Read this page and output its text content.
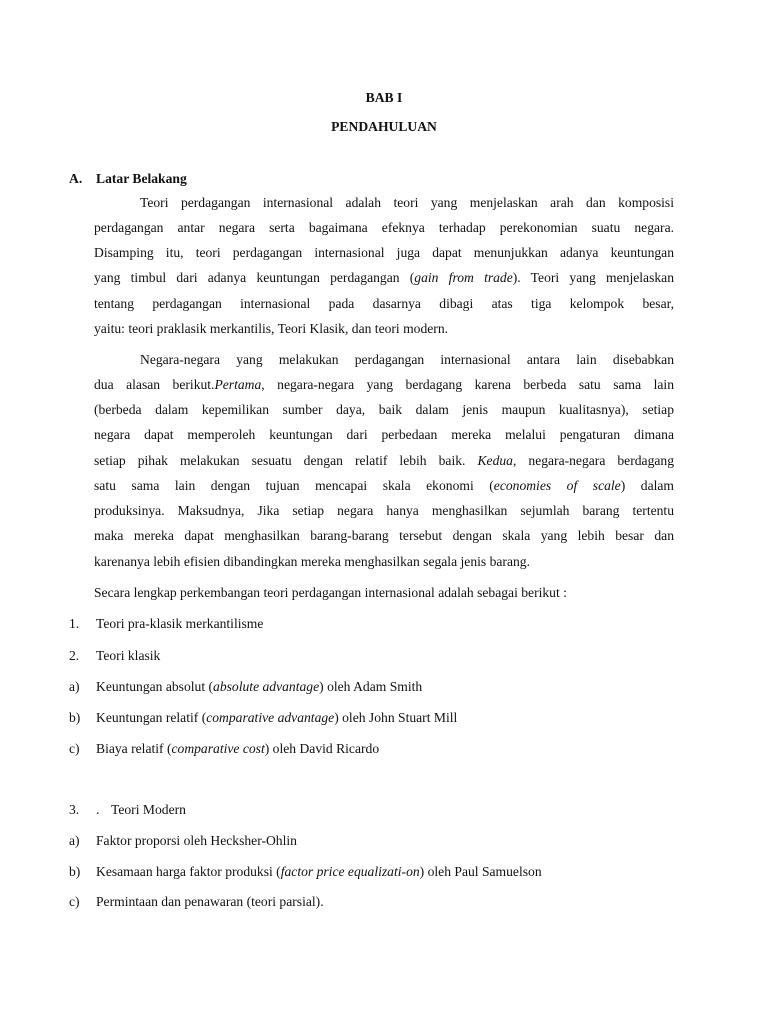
BAB I
PENDAHULUAN
A. Latar Belakang
Teori perdagangan internasional adalah teori yang menjelaskan arah dan komposisi
perdagangan antar negara serta bagaimana efeknya terhadap perekonomian suatu negara.
Disamping itu, teori perdagangan internasional juga dapat menunjukkan adanya keuntungan
yang timbul dari adanya keuntungan perdagangan (gain from trade). Teori yang menjelaskan
tentang perdagangan internasional pada dasarnya dibagi atas tiga kelompok besar,
yaitu: teori praklasik merkantilis, Teori Klasik, dan teori modern.
Negara-negara yang melakukan perdagangan internasional antara lain disebabkan
dua alasan berikut.Pertama, negara-negara yang berdagang karena berbeda satu sama lain
(berbeda dalam kepemilikan sumber daya, baik dalam jenis maupun kualitasnya), setiap
negara dapat memperoleh keuntungan dari perbedaan mereka melalui pengaturan dimana
setiap pihak melakukan sesuatu dengan relatif lebih baik. Kedua, negara-negara berdagang
satu sama lain dengan tujuan mencapai skala ekonomi (economies of scale) dalam
produksinya. Maksudnya, Jika setiap negara hanya menghasilkan sejumlah barang tertentu
maka mereka dapat menghasilkan barang-barang tersebut dengan skala yang lebih besar dan
karenanya lebih efisien dibandingkan mereka menghasilkan segala jenis barang.
Secara lengkap perkembangan teori perdagangan internasional adalah sebagai berikut :
1. Teori pra-klasik merkantilisme
2. Teori klasik
a) Keuntungan absolut (absolute advantage) oleh Adam Smith
b) Keuntungan relatif (comparative advantage) oleh John Stuart Mill
c) Biaya relatif (comparative cost) oleh David Ricardo
3. . Teori Modern
a) Faktor proporsi oleh Hecksher-Ohlin
b) Kesamaan harga faktor produksi (factor price equalizati-on) oleh Paul Samuelson
c) Permintaan dan penawaran (teori parsial).
